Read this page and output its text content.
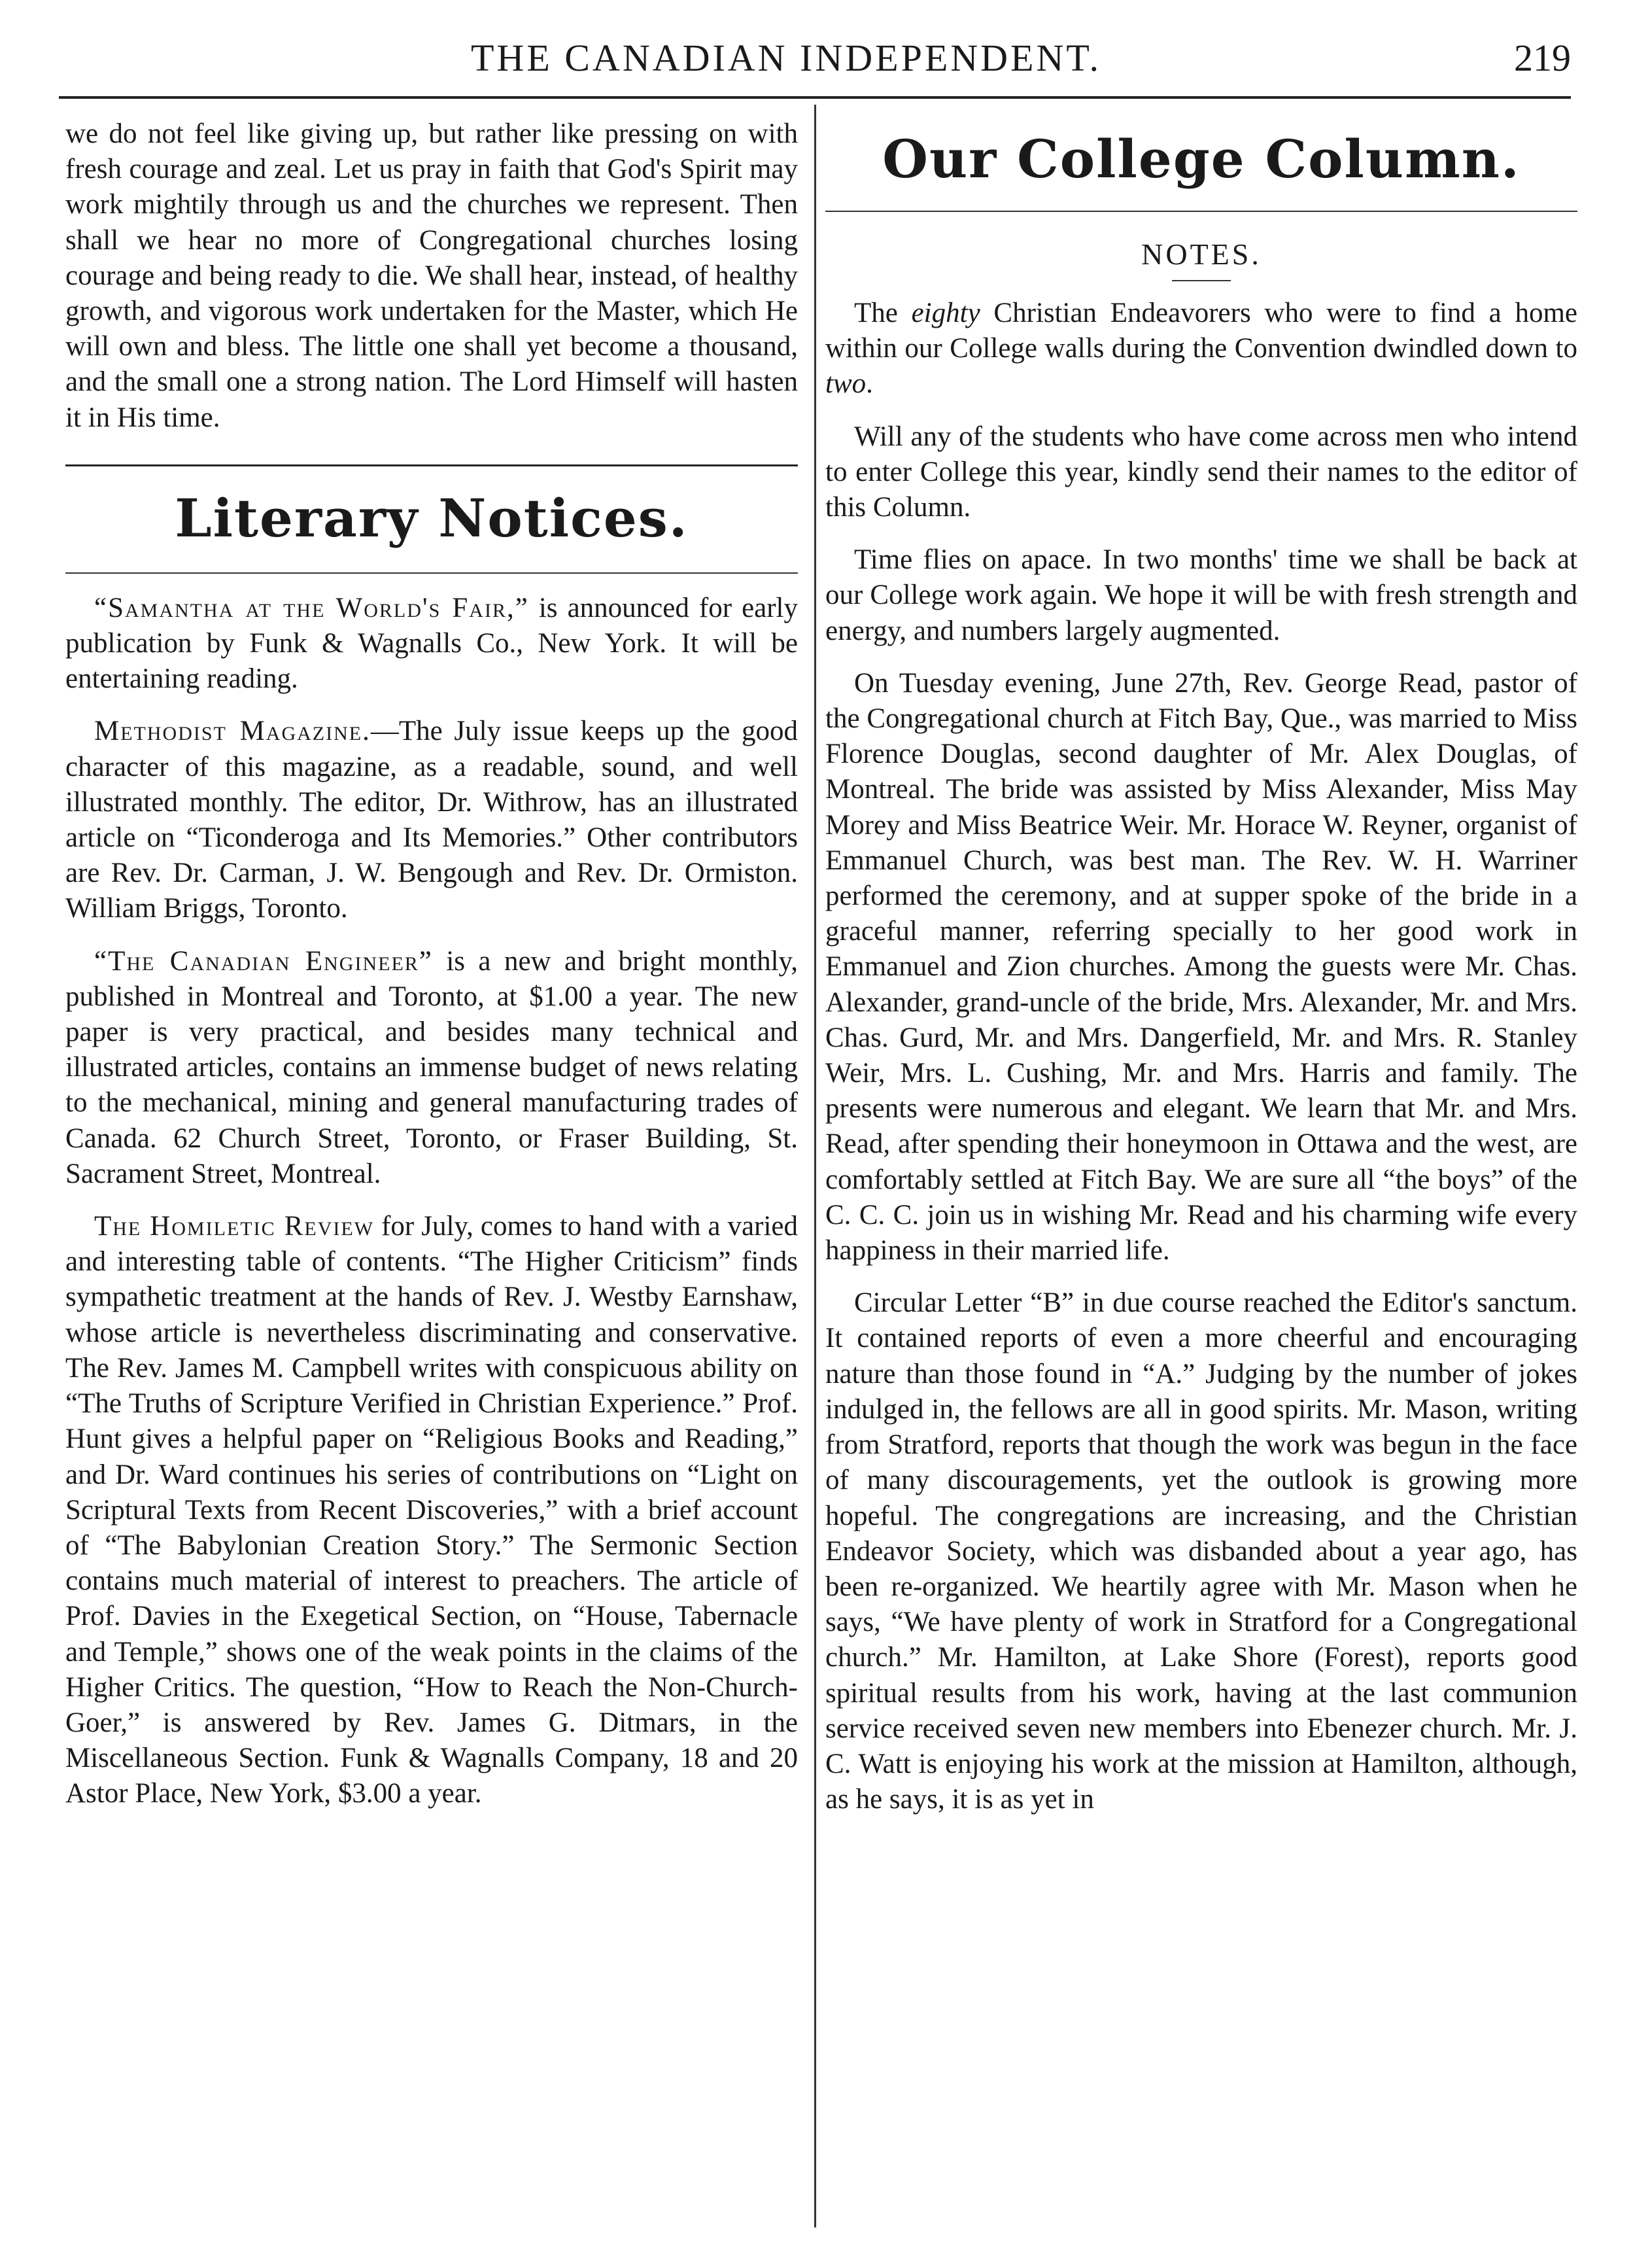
THE CANADIAN INDEPENDENT.	219

we do not feel like giving up, but rather like pressing on with fresh courage and zeal. Let us pray in faith that God's Spirit may work mightily through us and the churches we represent. Then shall we hear no more of Congregational churches losing courage and being ready to die. We shall hear, instead, of healthy growth, and vigorous work undertaken for the Master, which He will own and bless. The little one shall yet become a thousand, and the small one a strong nation. The Lord Himself will hasten it in His time.

Literary Notices.

“Samantha at the World's Fair,” is announced for early publication by Funk & Wagnalls Co., New York. It will be entertaining reading.

Methodist Magazine.—The July issue keeps up the good character of this magazine, as a readable, sound, and well illustrated monthly. The editor, Dr. Withrow, has an illustrated article on “Ticonderoga and Its Memories.” Other contributors are Rev. Dr. Carman, J. W. Bengough and Rev. Dr. Ormiston. William Briggs, Toronto.

“The Canadian Engineer” is a new and bright monthly, published in Montreal and Toronto, at $1.00 a year. The new paper is very practical, and besides many technical and illustrated articles, contains an immense budget of news relating to the mechanical, mining and general manufacturing trades of Canada. 62 Church Street, Toronto, or Fraser Building, St. Sacrament Street, Montreal.

The Homiletic Review for July, comes to hand with a varied and interesting table of contents. “The Higher Criticism” finds sympathetic treatment at the hands of Rev. J. Westby Earnshaw, whose article is nevertheless discriminating and conservative. The Rev. James M. Campbell writes with conspicuous ability on “The Truths of Scripture Verified in Christian Experience.” Prof. Hunt gives a helpful paper on “Religious Books and Reading,” and Dr. Ward continues his series of contributions on “Light on Scriptural Texts from Recent Discoveries,” with a brief account of “The Babylonian Creation Story.” The Sermonic Section contains much material of interest to preachers. The article of Prof. Davies in the Exegetical Section, on “House, Tabernacle and Temple,” shows one of the weak points in the claims of the Higher Critics. The question, “How to Reach the Non-Church-Goer,” is answered by Rev. James G. Ditmars, in the Miscellaneous Section. Funk & Wagnalls Company, 18 and 20 Astor Place, New York, $3.00 a year.

Our College Column.
NOTES.

The eighty Christian Endeavorers who were to find a home within our College walls during the Convention dwindled down to two.

Will any of the students who have come across men who intend to enter College this year, kindly send their names to the editor of this Column.

Time flies on apace. In two months' time we shall be back at our College work again. We hope it will be with fresh strength and energy, and numbers largely augmented.

On Tuesday evening, June 27th, Rev. George Read, pastor of the Congregational church at Fitch Bay, Que., was married to Miss Florence Douglas, second daughter of Mr. Alex Douglas, of Montreal. The bride was assisted by Miss Alexander, Miss May Morey and Miss Beatrice Weir. Mr. Horace W. Reyner, organist of Emmanuel Church, was best man. The Rev. W. H. Warriner performed the ceremony, and at supper spoke of the bride in a graceful manner, referring specially to her good work in Emmanuel and Zion churches. Among the guests were Mr. Chas. Alexander, grand-uncle of the bride, Mrs. Alexander, Mr. and Mrs. Chas. Gurd, Mr. and Mrs. Dangerfield, Mr. and Mrs. R. Stanley Weir, Mrs. L. Cushing, Mr. and Mrs. Harris and family. The presents were numerous and elegant. We learn that Mr. and Mrs. Read, after spending their honeymoon in Ottawa and the west, are comfortably settled at Fitch Bay. We are sure all “the boys” of the C. C. C. join us in wishing Mr. Read and his charming wife every happiness in their married life.

Circular Letter “B” in due course reached the Editor's sanctum. It contained reports of even a more cheerful and encouraging nature than those found in “A.” Judging by the number of jokes indulged in, the fellows are all in good spirits. Mr. Mason, writing from Stratford, reports that though the work was begun in the face of many discouragements, yet the outlook is growing more hopeful. The congregations are increasing, and the Christian Endeavor Society, which was disbanded about a year ago, has been re-organized. We heartily agree with Mr. Mason when he says, “We have plenty of work in Stratford for a Congregational church.” Mr. Hamilton, at Lake Shore (Forest), reports good spiritual results from his work, having at the last communion service received seven new members into Ebenezer church. Mr. J. C. Watt is enjoying his work at the mission at Hamilton, although, as he says, it is as yet in
